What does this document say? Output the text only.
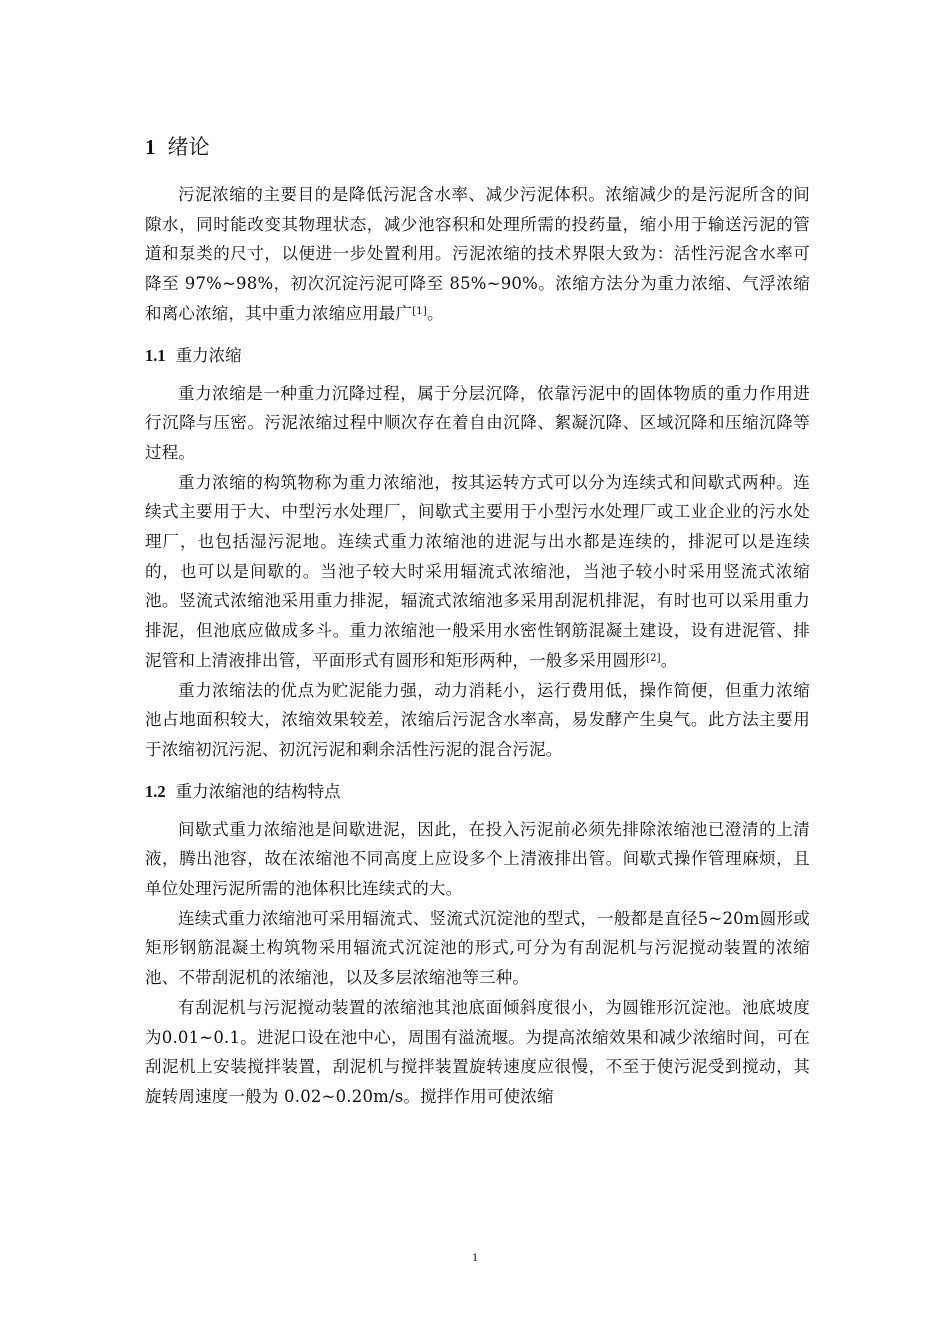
1 绪论

污泥浓缩的主要目的是降低污泥含水率、减少污泥体积。浓缩减少的是污泥所含的间隙水，同时能改变其物理状态，减少池容积和处理所需的投药量，缩小用于输送污泥的管道和泵类的尺寸，以便进一步处置利用。污泥浓缩的技术界限大致为：活性污泥含水率可降至 97%~98%，初次沉淀污泥可降至 85%~90%。浓缩方法分为重力浓缩、气浮浓缩和离心浓缩，其中重力浓缩应用最广[1]。

1.1 重力浓缩

重力浓缩是一种重力沉降过程，属于分层沉降，依靠污泥中的固体物质的重力作用进行沉降与压密。污泥浓缩过程中顺次存在着自由沉降、絮凝沉降、区域沉降和压缩沉降等过程。

重力浓缩的构筑物称为重力浓缩池，按其运转方式可以分为连续式和间歇式两种。连续式主要用于大、中型污水处理厂，间歇式主要用于小型污水处理厂或工业企业的污水处理厂，也包括湿污泥地。连续式重力浓缩池的进泥与出水都是连续的，排泥可以是连续的，也可以是间歇的。当池子较大时采用辐流式浓缩池，当池子较小时采用竖流式浓缩池。竖流式浓缩池采用重力排泥，辐流式浓缩池多采用刮泥机排泥，有时也可以采用重力排泥，但池底应做成多斗。重力浓缩池一般采用水密性钢筋混凝土建设，设有进泥管、排泥管和上清液排出管，平面形式有圆形和矩形两种，一般多采用圆形[2]。

重力浓缩法的优点为贮泥能力强，动力消耗小，运行费用低，操作简便，但重力浓缩池占地面积较大，浓缩效果较差，浓缩后污泥含水率高，易发酵产生臭气。此方法主要用于浓缩初沉污泥、初沉污泥和剩余活性污泥的混合污泥。

1.2 重力浓缩池的结构特点

间歇式重力浓缩池是间歇进泥，因此，在投入污泥前必须先排除浓缩池已澄清的上清液，腾出池容，故在浓缩池不同高度上应设多个上清液排出管。间歇式操作管理麻烦，且单位处理污泥所需的池体积比连续式的大。

连续式重力浓缩池可采用辐流式、竖流式沉淀池的型式，一般都是直径5~20m圆形或矩形钢筋混凝土构筑物采用辐流式沉淀池的形式,可分为有刮泥机与污泥搅动装置的浓缩池、不带刮泥机的浓缩池，以及多层浓缩池等三种。

有刮泥机与污泥搅动装置的浓缩池其池底面倾斜度很小，为圆锥形沉淀池。池底坡度为0.01~0.1。进泥口设在池中心，周围有溢流堰。为提高浓缩效果和减少浓缩时间，可在刮泥机上安装搅拌装置，刮泥机与搅拌装置旋转速度应很慢，不至于使污泥受到搅动，其旋转周速度一般为 0.02~0.20m/s。搅拌作用可使浓缩

1
